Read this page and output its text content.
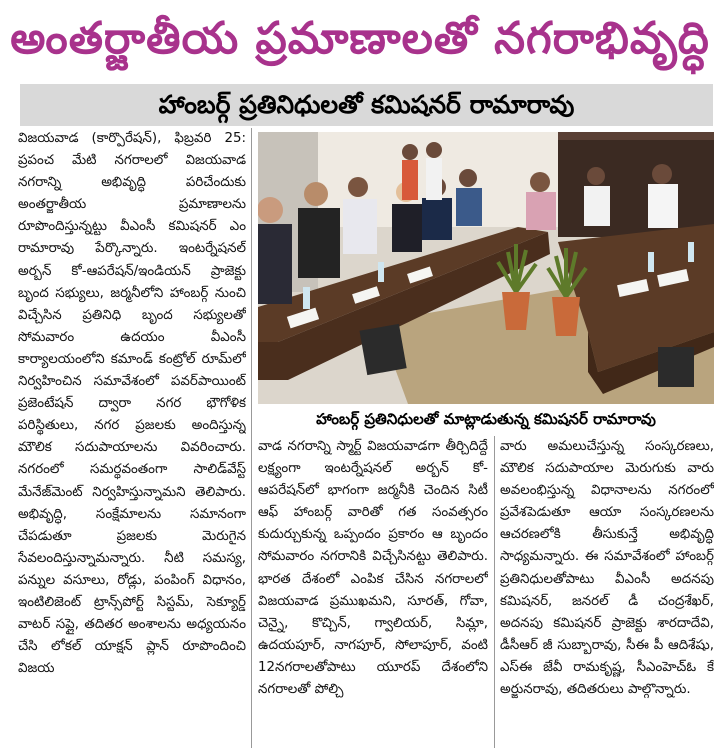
అంతర్జాతీయ ప్రమాణాలతో నగరాభివృద్ధి
హాంబర్గ్ ప్రతినిధులతో కమిషనర్ రామారావు
విజయవాడ (కార్పొరేషన్), ఫిబ్రవరి 25: ప్రపంచ మేటి నగరాలలో విజయవాడ నగరాన్ని అభివృద్ధి పరిచేందుకు అంతర్జాతీయ ప్రమాణాలను రూపొందిస్తున్నట్టు వీఎంసీ కమిషనర్ ఎం రామారావు పేర్కొన్నారు. ఇంటర్నేషనల్ అర్బన్ కో-ఆపరేషన్/ఇండియన్ ప్రాజెక్టు బృంద సభ్యులు, జర్మనీలోని హాంబర్గ్ నుంచి విచ్చేసిన ప్రతినిధి బృంద సభ్యులతో సోమవారం ఉదయం వీఎంసీ కార్యాలయంలోని కమాండ్ కంట్రోల్ రూమ్‌లో నిర్వహించిన సమావేశంలో పవర్‌పాయింట్ ప్రజెంటేషన్ ద్వారా నగర భౌగోళిక పరిస్థితులు, నగర ప్రజలకు అందిస్తున్న మౌలిక సదుపాయాలను వివరించారు. నగరంలో సమర్థవంతంగా సాలిడ్‌వేస్ట్ మేనేజ్‌మెంట్ నిర్వహిస్తున్నామని తెలిపారు. అభివృద్ధి, సంక్షేమాలను సమానంగా చేపడుతూ ప్రజలకు మెరుగైన సేవలందిస్తున్నామన్నారు. నీటి సమస్య, పన్నుల వసూలు, రోడ్లు, పంపింగ్ విధానం, ఇంటిలిజెంట్ ట్రాన్స్‌పోర్ట్ సిస్టమ్, సెక్యూర్డ్ వాటర్ సప్లై, తదితర అంశాలను అధ్యయనం చేసి లోకల్ యాక్షన్ ప్లాన్ రూపొందించి విజయ
హాంబర్గ్ ప్రతినిధులతో మాట్లాడుతున్న కమిషనర్ రామారావు
వాడ నగరాన్ని స్మార్ట్ విజయవాడగా తీర్చిదిద్దే లక్ష్యంగా ఇంటర్నేషనల్ అర్బన్ కో-ఆపరేషన్‌లో భాగంగా జర్మనీకి చెందిన సిటీ ఆఫ్ హాంబర్గ్ వారితో గత సంవత్సరం కుదుర్చుకున్న ఒప్పందం ప్రకారం ఆ బృందం సోమవారం నగరానికి విచ్చేసినట్టు తెలిపారు. భారత దేశంలో ఎంపిక చేసిన నగరాలలో విజయవాడ ప్రముఖమని, సూరత్, గోవా, చెన్నై, కొచ్చిన్, గ్వాలియర్, సిమ్లా, ఉదయపూర్, నాగపూర్, సోలాపూర్, వంటి 12నగరాలతోపాటు యూరప్ దేశంలోని నగరాలతో పోల్చి
వారు అమలుచేస్తున్న సంస్కరణలు, మౌలిక సదుపాయాల మెరుగుకు వారు అవలంభిస్తున్న విధానాలను నగరంలో ప్రవేశపెడుతూ ఆయా సంస్కరణలను ఆచరణలోకి తీసుకున్తే అభివృద్ధి సాధ్యమన్నారు. ఈ సమావేశంలో హాంబర్గ్ ప్రతినిధులతోపాటు వీఎంసీ అదనపు కమిషనర్, జనరల్ డీ చంద్రశేఖర్, అదనపు కమిషనర్ ప్రాజెక్టు శారదాదేవి, డీసీఆర్ జీ సుబ్బారావు, సీఈ పీ ఆదిశేషు, ఎస్‌ఈ జేవీ రామకృష్ణ, సీఎంహెచ్‌ఓ కే అర్జునరావు, తదితరులు పాల్గొన్నారు.
